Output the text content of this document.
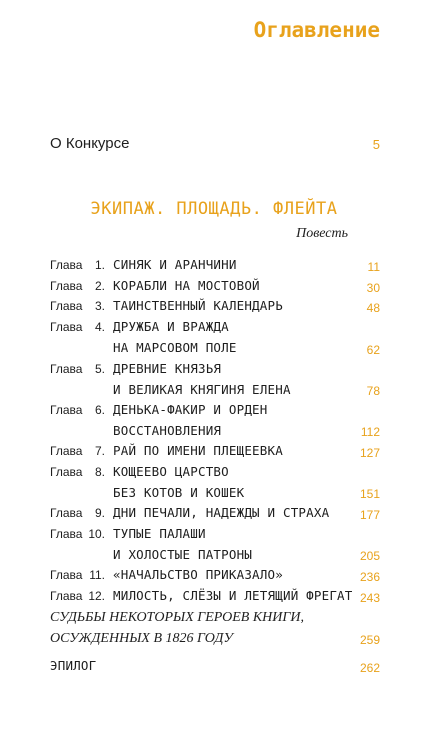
Оглавление
О Конкурсе	5
ЭКИПАЖ. ПЛОЩАДЬ. ФЛЕЙТА
Повесть
Глава	1. СИНЯК И АРАНЧИНИ	11
Глава	2. КОРАБЛИ НА МОСТОВОЙ	30
Глава	3. ТАИНСТВЕННЫЙ КАЛЕНДАРЬ	48
Глава	4. ДРУЖБА И ВРАЖДА
НА МАРСОВОМ ПОЛЕ	62
Глава	5. ДРЕВНИЕ КНЯЗЬЯ
И ВЕЛИКАЯ КНЯГИНЯ ЕЛЕНА	78
Глава	6. ДЕНЬКА-ФАКИР И ОРДЕН
ВОССТАНОВЛЕНИЯ	112
Глава	7. РАЙ ПО ИМЕНИ ПЛЕЩЕЕВКА	127
Глава	8. КОЩЕЕВО ЦАРСТВО
БЕЗ КОТОВ И КОШЕК	151
Глава	9. ДНИ ПЕЧАЛИ, НАДЕЖДЫ И СТРАХА	177
Глава 10. ТУПЫЕ ПАЛАШИ
И ХОЛОСТЫЕ ПАТРОНЫ	205
Глава 11. «НАЧАЛЬСТВО ПРИКАЗАЛО»	236
Глава 12. МИЛОСТЬ, СЛЁЗЫ И ЛЕТЯЩИЙ ФРЕГАТ 243
СУДЬБЫ НЕКОТОРЫХ ГЕРОЕВ КНИГИ,
ОСУЖДЕННЫХ В 1826 ГОДУ	259
ЭПИЛОГ	262
